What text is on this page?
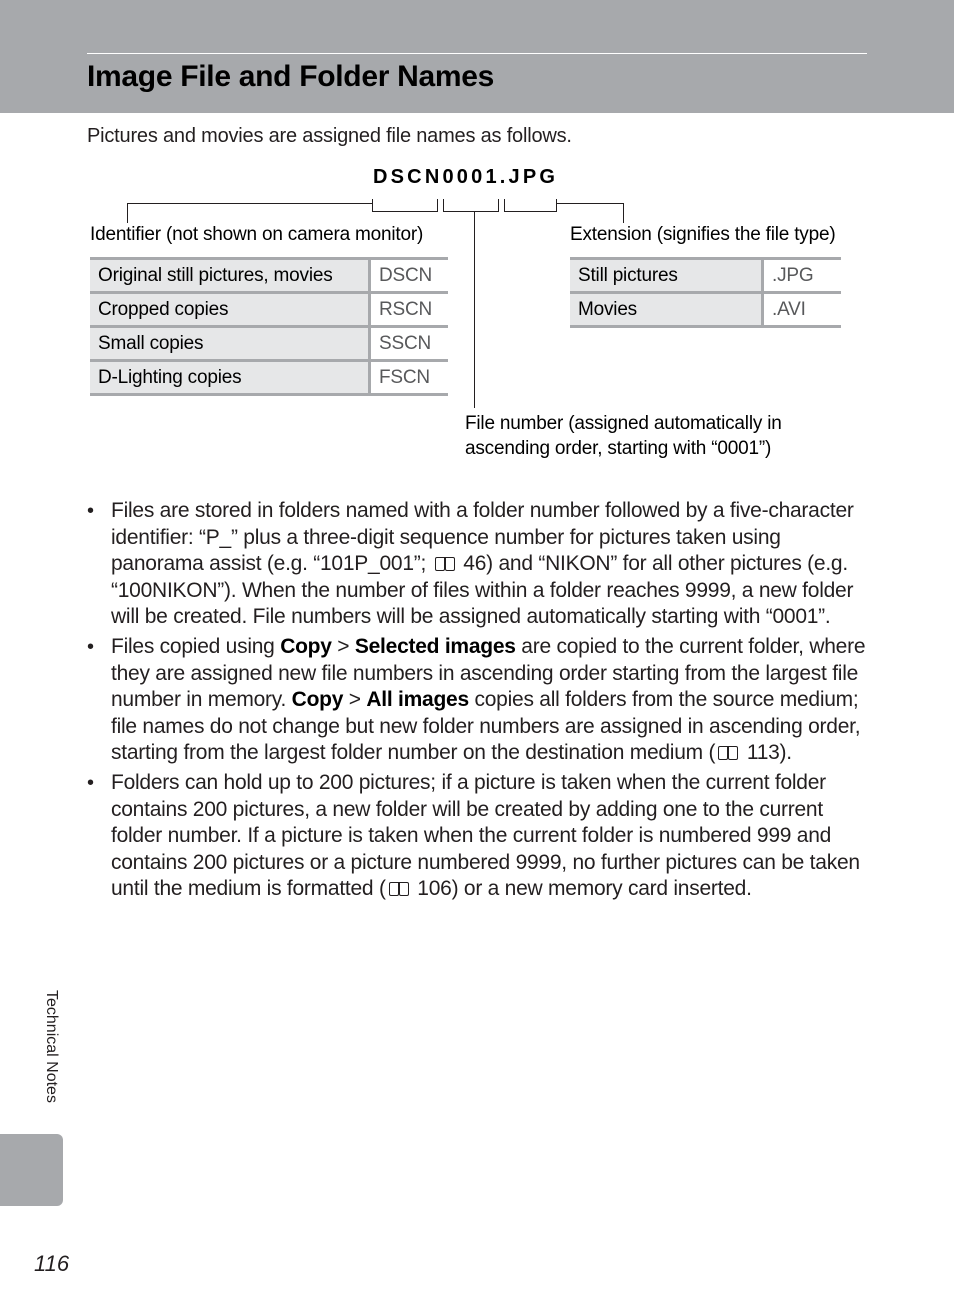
Image File and Folder Names

Pictures and movies are assigned file names as follows.

DSCN0001.JPG

Identifier (not shown on camera monitor)	Extension (signifies the file type)

File number (assigned automatically in
ascending order, starting with “0001”)
Original still pictures, movies	DSCN
Cropped copies	RSCN
Small copies	SSCN
D-Lighting copies	FSCN
Still pictures	.JPG
Movies	.AVI
• Files are stored in folders named with a folder number followed by a five-character identifier: “P_” plus a three-digit sequence number for pictures taken using panorama assist (e.g. “101P_001”;  46) and “NIKON” for all other pictures (e.g. “100NIKON”). When the number of files within a folder reaches 9999, a new folder will be created. File numbers will be assigned automatically starting with “0001”.
• Files copied using Copy > Selected images are copied to the current folder, where they are assigned new file numbers in ascending order starting from the largest file number in memory. Copy > All images copies all folders from the source medium; file names do not change but new folder numbers are assigned in ascending order, starting from the largest folder number on the destination medium ( 113).
• Folders can hold up to 200 pictures; if a picture is taken when the current folder contains 200 pictures, a new folder will be created by adding one to the current folder number. If a picture is taken when the current folder is numbered 999 and contains 200 pictures or a picture numbered 9999, no further pictures can be taken until the medium is formatted ( 106) or a new memory card inserted.
Technical Notes
116
